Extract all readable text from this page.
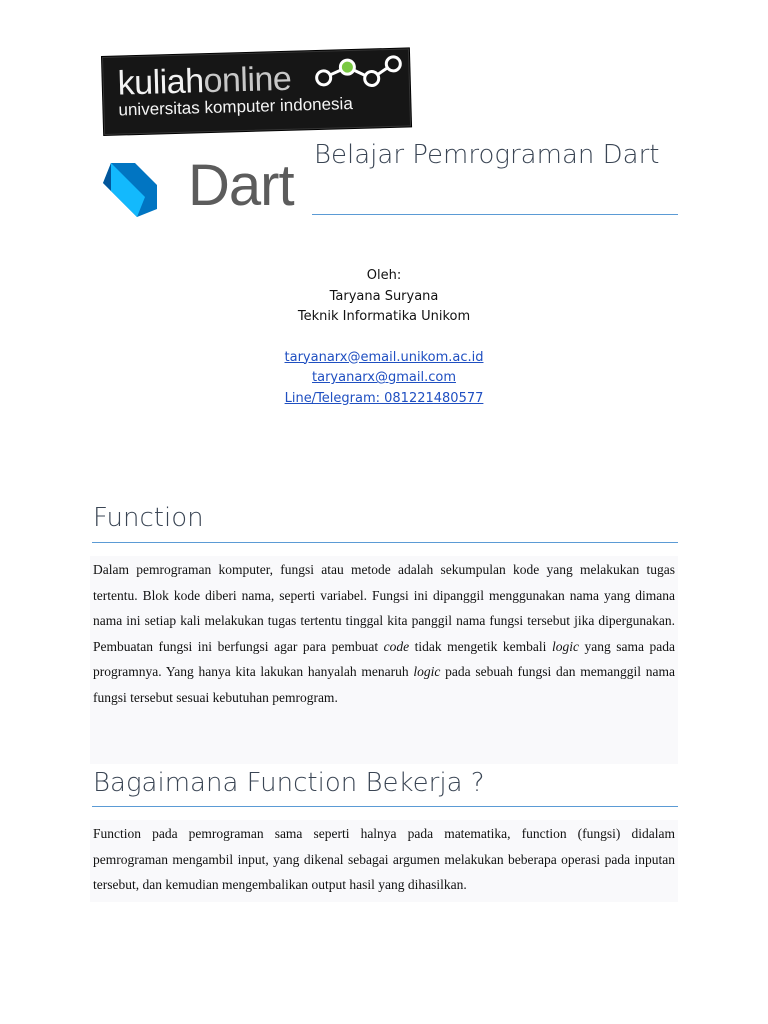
kuliahonline
universitas komputer indonesia
Dart Belajar Pemrograman Dart
Oleh:
Taryana Suryana
Teknik Informatika Unikom
taryanarx@email.unikom.ac.id
taryanarx@gmail.com
Line/Telegram: 081221480577
Function

Dalam pemrograman komputer, fungsi atau metode adalah sekumpulan kode yang melakukan tugas tertentu. Blok kode diberi nama, seperti variabel. Fungsi ini dipanggil menggunakan nama yang dimana nama ini setiap kali melakukan tugas tertentu tinggal kita panggil nama fungsi tersebut jika dipergunakan. Pembuatan fungsi ini berfungsi agar para pembuat code tidak mengetik kembali logic yang sama pada programnya. Yang hanya kita lakukan hanyalah menaruh logic pada sebuah fungsi dan memanggil nama fungsi tersebut sesuai kebutuhan pemrogram.

Bagaimana Function Bekerja ?

Function pada pemrograman sama seperti halnya pada matematika, function (fungsi) didalam pemrograman mengambil input, yang dikenal sebagai argumen melakukan beberapa operasi pada inputan tersebut, dan kemudian mengembalikan output hasil yang dihasilkan.
